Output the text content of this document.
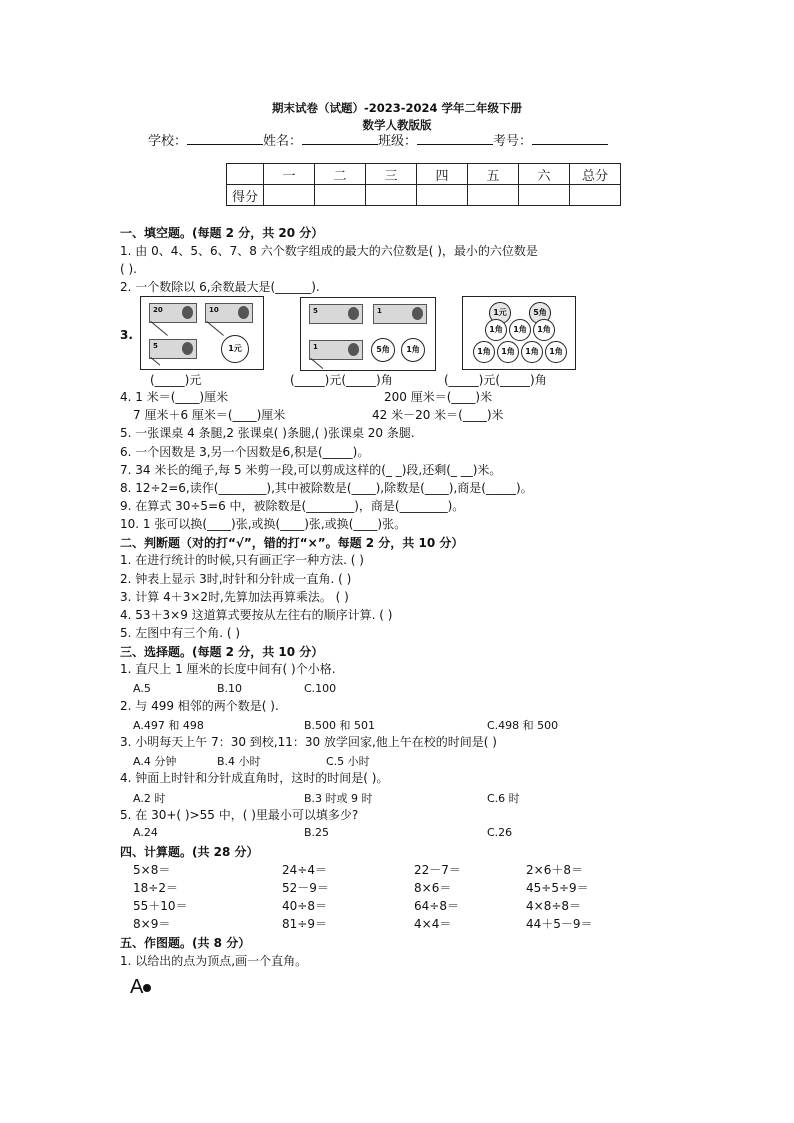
期末试卷（试题）-2023-2024 学年二年级下册
数学人教版版
学校：	姓名：	班级：	考号：
	一	二	三	四	五	六	总分
得分							
一、填空题。(每题 2 分，共 20 分）
1. 由 0、4、5、6、7、8 六个数字组成的最大的六位数是( )，最小的六位数是
( ).
2. 一个数除以 6,余数最大是(______).
3.
20	10
5	1元
5	1
1	5角	1角
1元	5角
1角	1角	1角
1角	1角	1角	1角
(_____)元	(_____)元(_____)角	(_____)元(_____)角
4. 1 米＝(____)厘米	200 厘米＝(____)米
7 厘米＋6 厘米＝(____)厘米	42 米－20 米＝(____)米
5. 一张课桌 4 条腿,2 张课桌( )条腿,( )张课桌 20 条腿.
6. 一个因数是 3,另一个因数是6,积是(_____)。
7. 34 米长的绳子,每 5 米剪一段,可以剪成这样的(_ _)段,还剩(_ __)米。
8. 12÷2=6,读作(________),其中被除数是(____),除数是(____),商是(_____)。
9. 在算式 30÷5=6 中，被除数是(________)，商是(________)。
10. 1 张可以换(____)张,或换(____)张,或换(____)张。
二、判断题（对的打“√”，错的打“×”。每题 2 分，共 10 分）
1. 在进行统计的时候,只有画正字一种方法. ( )
2. 钟表上显示 3时,时针和分针成一直角. ( )
3. 计算 4＋3×2时,先算加法再算乘法。 ( )
4. 53＋3×9 这道算式要按从左往右的顺序计算. ( )
5. 左图中有三个角. ( )
三、选择题。(每题 2 分，共 10 分）
1. 直尺上 1 厘米的长度中间有( )个小格.
A.5	B.10	C.100
2. 与 499 相邻的两个数是( ).
A.497 和 498	B.500 和 501	C.498 和 500
3. 小明每天上午 7：30 到校,11：30 放学回家,他上午在校的时间是( )
A.4 分钟	B.4 小时	C.5 小时
4. 钟面上时针和分针成直角时，这时的时间是( )。
A.2 时	B.3 时或 9 时	C.6 时
5. 在 30+( )>55 中，( )里最小可以填多少?
A.24	B.25	C.26
四、计算题。(共 28 分）
5×8＝	24÷4＝	22－7＝	2×6＋8＝
18÷2＝	52－9＝	8×6＝	45÷5÷9＝
55＋10＝	40÷8＝	64÷8＝	4×8÷8＝
8×9＝	81÷9＝	4×4＝	44＋5－9＝
五、作图题。(共 8 分）
1. 以给出的点为顶点,画一个直角。
A
